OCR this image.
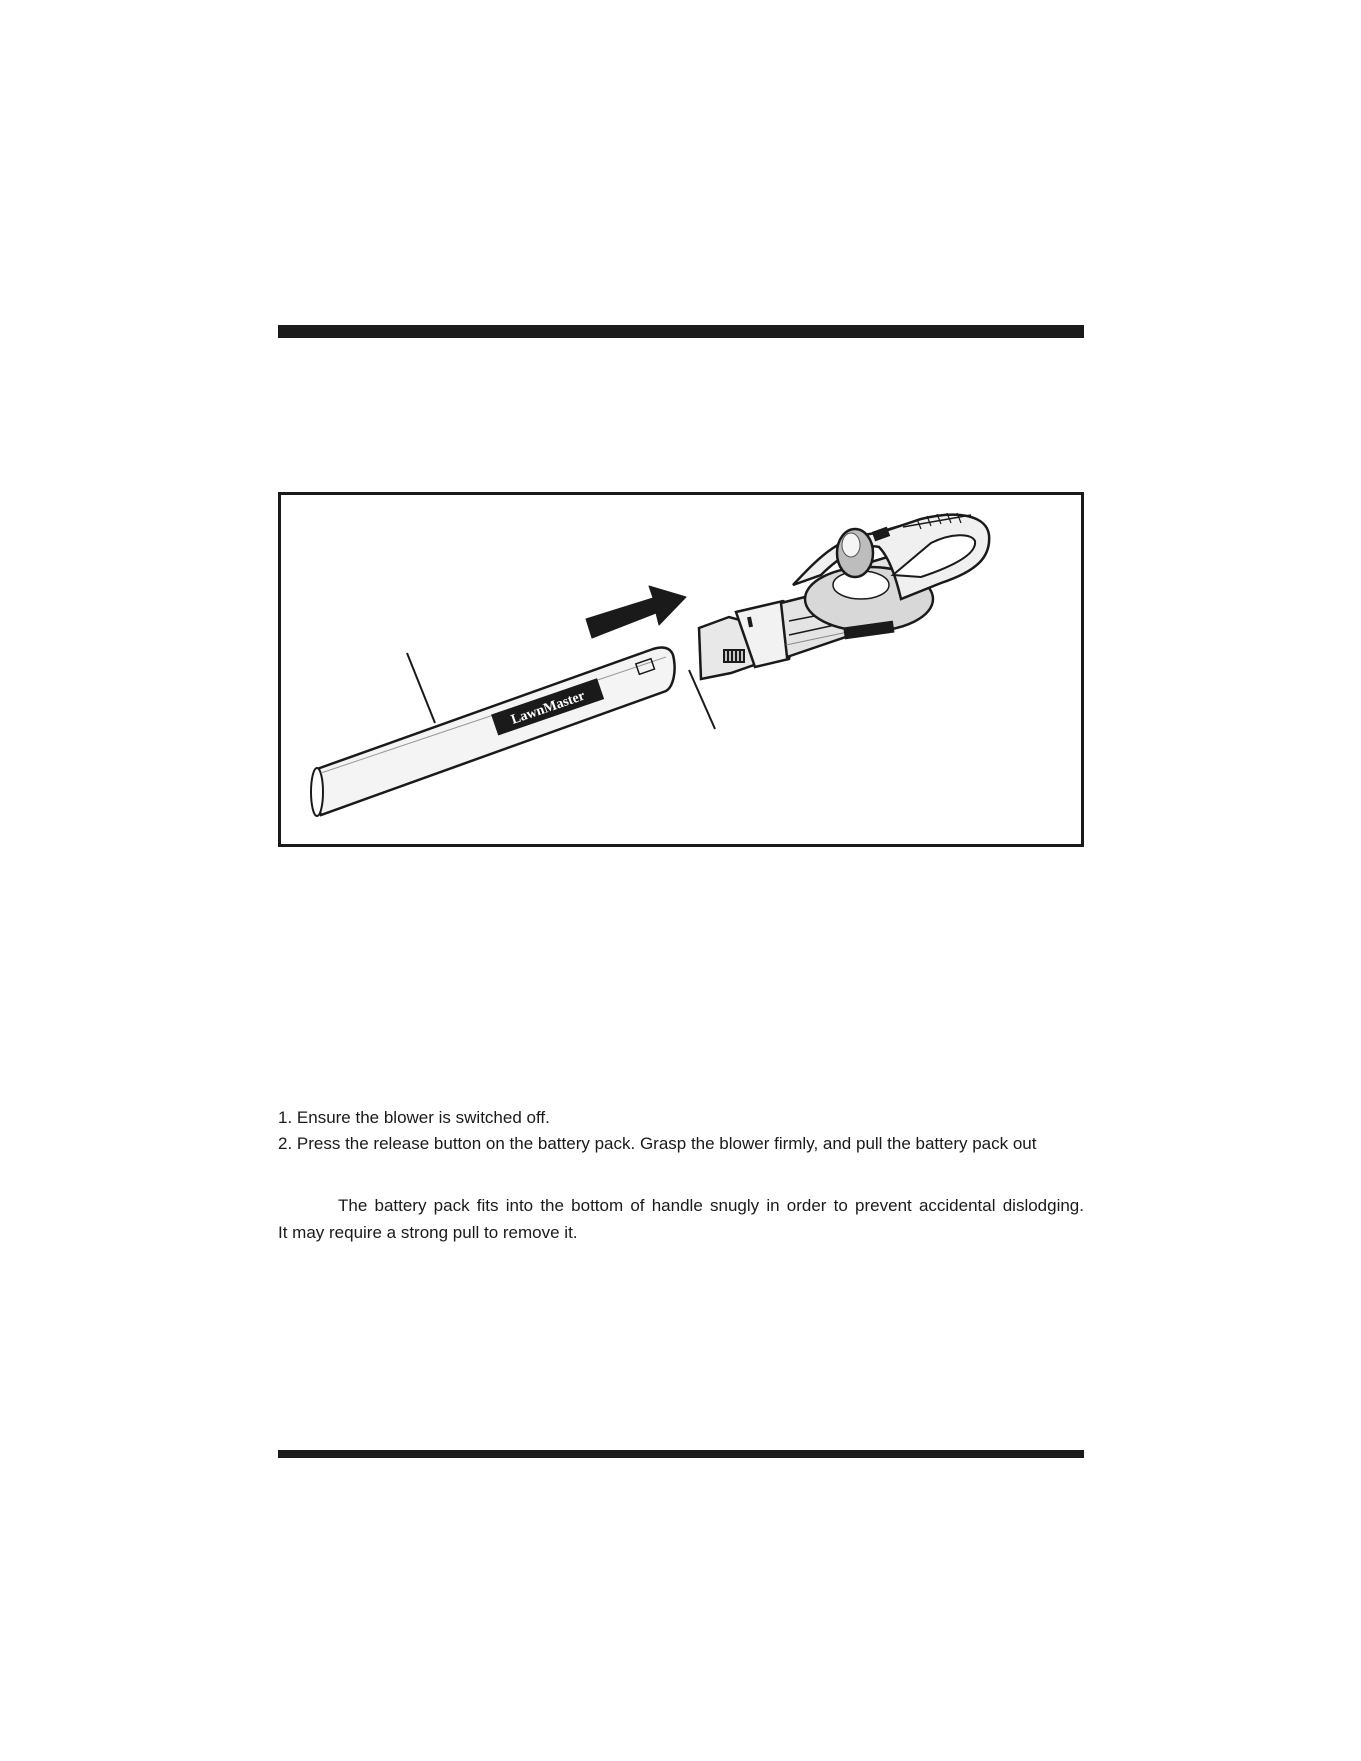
LawnMaster
1. Ensure the blower is switched off.
2. Press the release button on the battery pack. Grasp the blower firmly, and pull the battery pack out
The battery pack fits into the bottom of handle snugly in order to prevent accidental dislodging.
It may require a strong pull to remove it.
